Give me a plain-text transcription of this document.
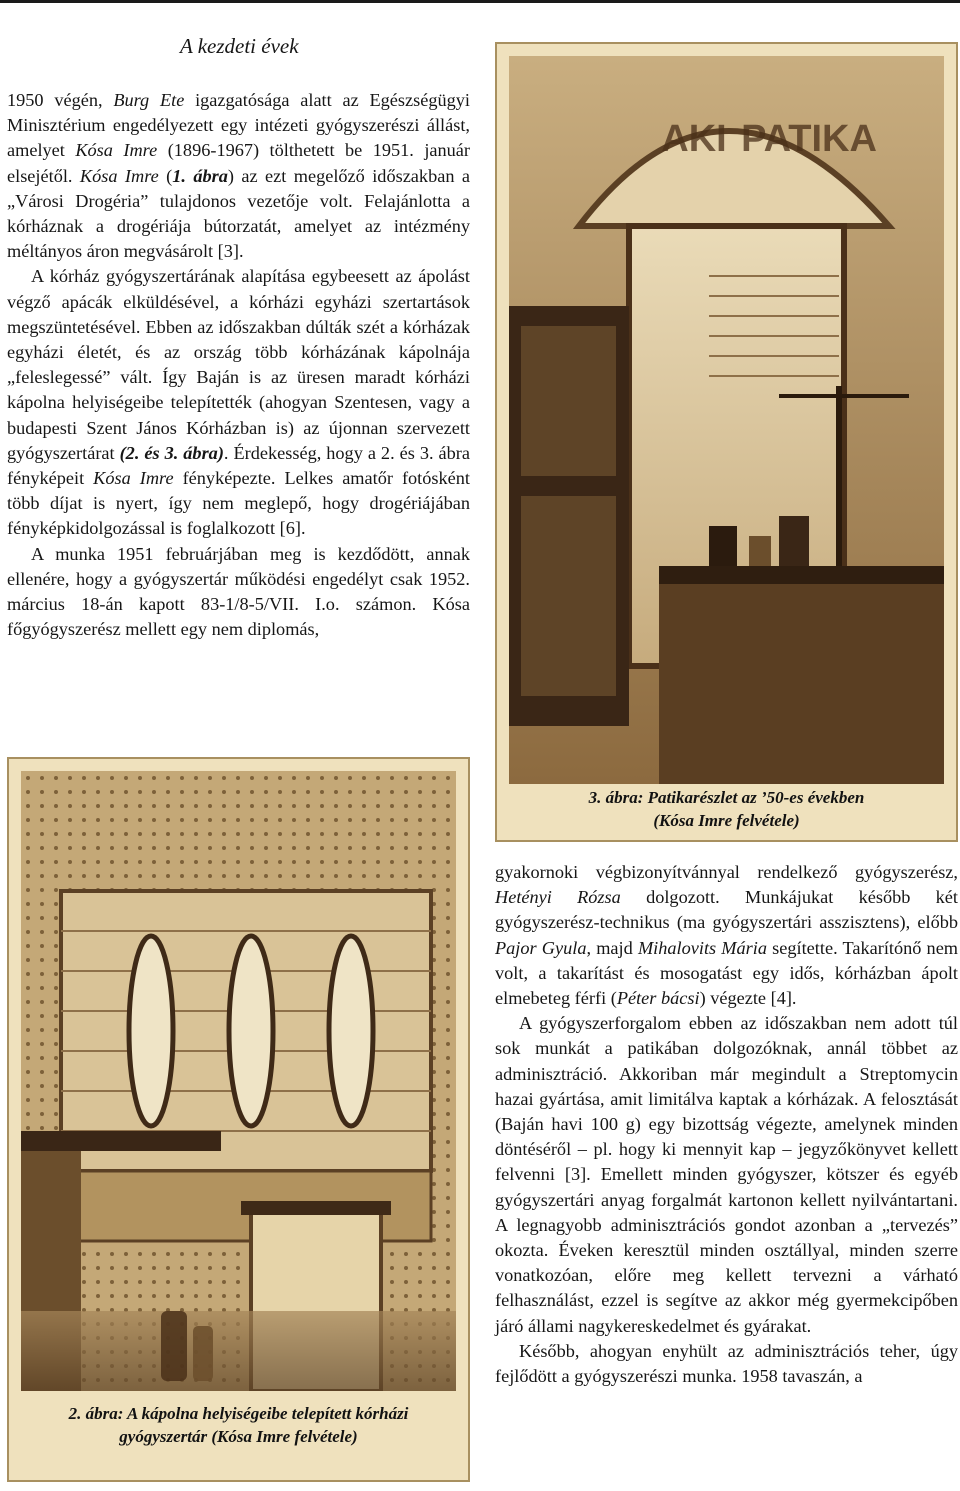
A kezdeti évek

1950 végén, Burg Ete igazgatósága alatt az Egészségügyi Minisztérium engedélyezett egy intézeti gyógyszerészi állást, amelyet Kósa Imre (1896-1967) tölthetett be 1951. január elsejétől. Kósa Imre (1. ábra) az ezt megelőző időszakban a „Városi Drogéria” tulajdonos vezetője volt. Felajánlotta a kórháznak a drogériája bútorzatát, amelyet az intézmény méltányos áron megvásárolt [3].

A kórház gyógyszertárának alapítása egybeesett az ápolást végző apácák elküldésével, a kórházi egyházi szertartások megszüntetésével. Ebben az időszakban dúlták szét a kórházak egyházi életét, és az ország több kórházának kápolnája „feleslegessé” vált. Így Baján is az üresen maradt kórházi kápolna helyiségeibe telepítették (ahogyan Szentesen, vagy a budapesti Szent János Kórházban is) az újonnan szervezett gyógyszertárat (2. és 3. ábra). Érdekesség, hogy a 2. és 3. ábra fényképeit Kósa Imre fényképezte. Lelkes amatőr fotósként több díjat is nyert, így nem meglepő, hogy drogériájában fényképkidolgozással is foglalkozott [6].

A munka 1951 februárjában meg is kezdődött, annak ellenére, hogy a gyógyszertár működési engedélyt csak 1952. március 18-án kapott 83-1/8-5/VII. I.o. számon. Kósa főgyógyszerész mellett egy nem diplomás,

AKI PATIKA
3. ábra: Patikarészlet az ’50-es években
(Kósa Imre felvétele)
2. ábra: A kápolna helyiségeibe telepített kórházi
gyógyszertár (Kósa Imre felvétele)

gyakornoki végbizonyítvánnyal rendelkező gyógyszerész, Hetényi Rózsa dolgozott. Munkájukat később két gyógyszerész-technikus (ma gyógyszertári asszisztens), előbb Pajor Gyula, majd Mihalovits Mária segítette. Takarítónő nem volt, a takarítást és mosogatást egy idős, kórházban ápolt elmebeteg férfi (Péter bácsi) végezte [4].

A gyógyszerforgalom ebben az időszakban nem adott túl sok munkát a patikában dolgozóknak, annál többet az adminisztráció. Akkoriban már megindult a Streptomycin hazai gyártása, amit limitálva kaptak a kórházak. A felosztását (Baján havi 100 g) egy bizottság végezte, amelynek minden döntéséről – pl. hogy ki mennyit kap – jegyzőkönyvet kellett felvenni [3]. Emellett minden gyógyszer, kötszer és egyéb gyógyszertári anyag forgalmát kartonon kellett nyilvántartani. A legnagyobb adminisztrációs gondot azonban a „tervezés” okozta. Éveken keresztül minden osztállyal, minden szerre vonatkozóan, előre meg kellett tervezni a várható felhasználást, ezzel is segítve az akkor még gyermekcipőben járó állami nagykereskedelmet és gyárakat.

Később, ahogyan enyhült az adminisztrációs teher, úgy fejlődött a gyógyszerészi munka. 1958 tavaszán, a
